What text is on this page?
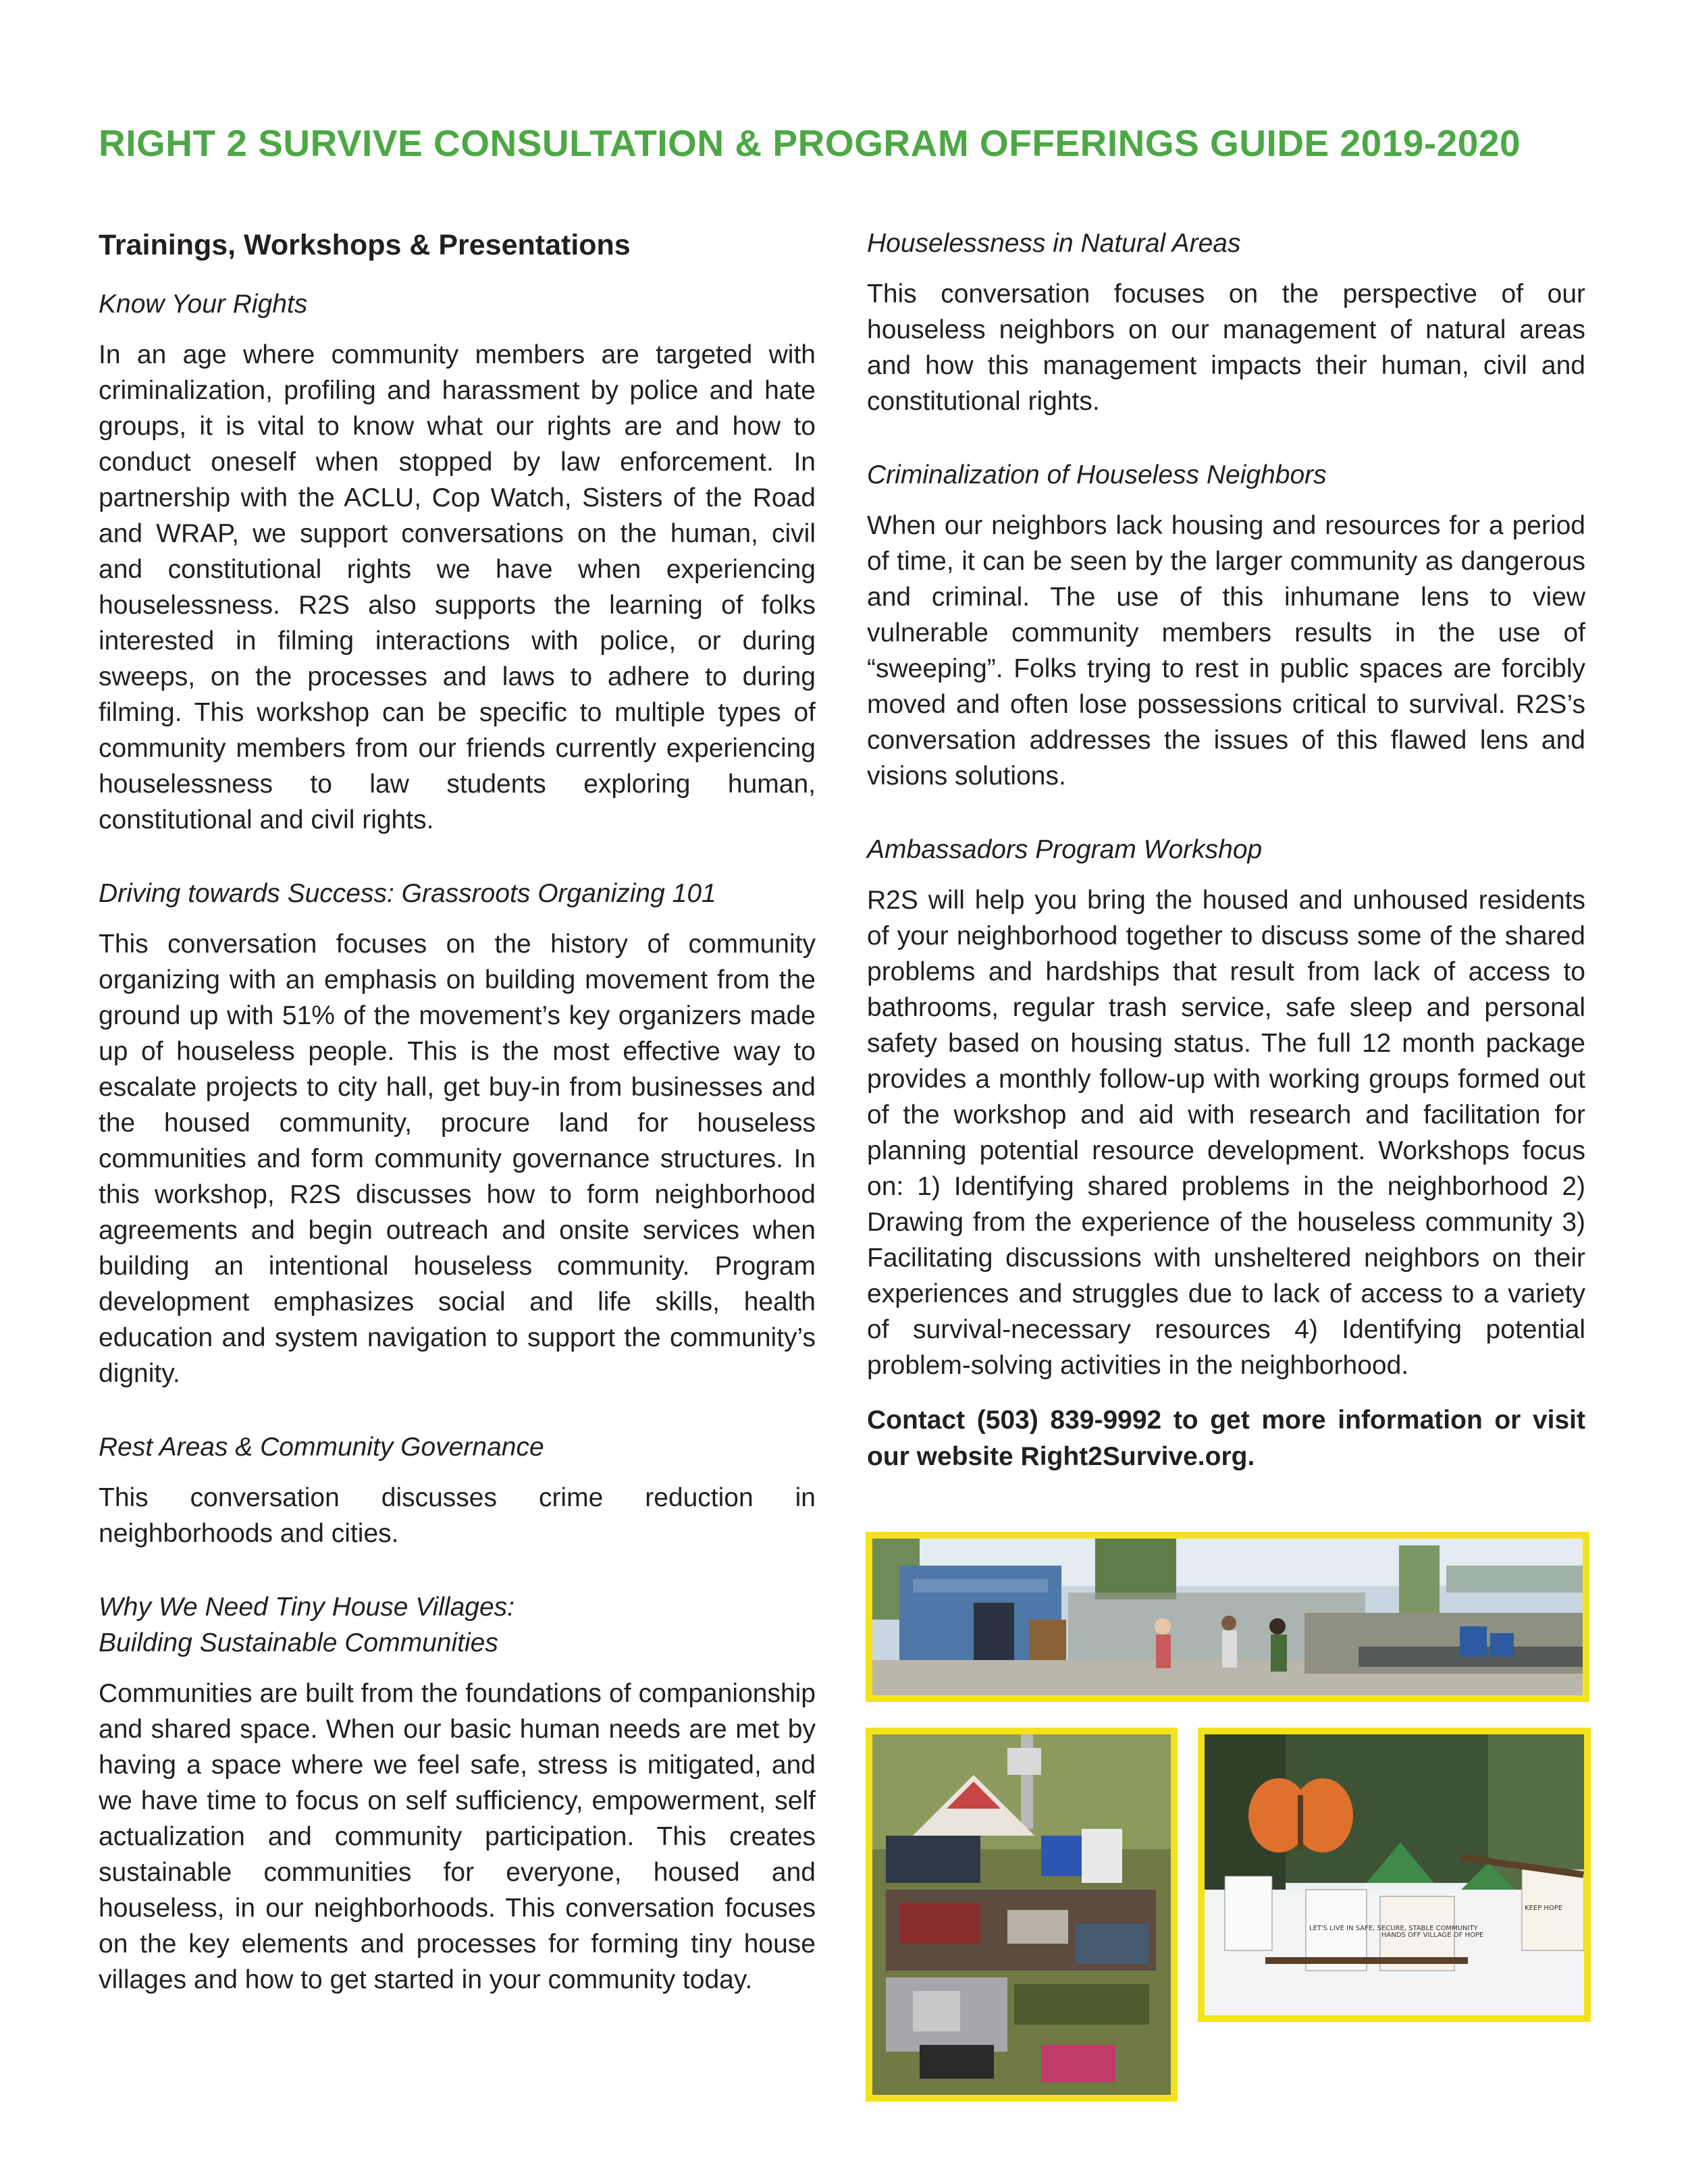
RIGHT 2 SURVIVE CONSULTATION & PROGRAM OFFERINGS GUIDE 2019-2020
Trainings, Workshops & Presentations
Know Your Rights
In an age where community members are targeted with criminalization, profiling and harassment by police and hate groups, it is vital to know what our rights are and how to conduct oneself when stopped by law enforcement. In partnership with the ACLU, Cop Watch, Sisters of the Road and WRAP, we support conversations on the human, civil and constitutional rights we have when experiencing houselessness. R2S also supports the learning of folks interested in filming interactions with police, or during sweeps, on the processes and laws to adhere to during filming. This workshop can be specific to multiple types of community members from our friends currently experiencing houselessness to law students exploring human, constitutional and civil rights.
Driving towards Success: Grassroots Organizing 101
This conversation focuses on the history of community organizing with an emphasis on building movement from the ground up with 51% of the movement’s key organizers made up of houseless people. This is the most effective way to escalate projects to city hall, get buy-in from businesses and the housed community, procure land for houseless communities and form community governance structures. In this workshop, R2S discusses how to form neighborhood agreements and begin outreach and onsite services when building an intentional houseless community. Program development emphasizes social and life skills, health education and system navigation to support the community’s dignity.
Rest Areas & Community Governance
This conversation discusses crime reduction in neighborhoods and cities.
Why We Need Tiny House Villages:
Building Sustainable Communities
Communities are built from the foundations of companionship and shared space. When our basic human needs are met by having a space where we feel safe, stress is mitigated, and we have time to focus on self sufficiency, empowerment, self actualization and community participation. This creates sustainable communities for everyone, housed and houseless, in our neighborhoods. This conversation focuses on the key elements and processes for forming tiny house villages and how to get started in your community today.
Houselessness in Natural Areas
This conversation focuses on the perspective of our houseless neighbors on our management of natural areas and how this management impacts their human, civil and constitutional rights.
Criminalization of Houseless Neighbors
When our neighbors lack housing and resources for a period of time, it can be seen by the larger community as dangerous and criminal. The use of this inhumane lens to view vulnerable community members results in the use of “sweeping”. Folks trying to rest in public spaces are forcibly moved and often lose possessions critical to survival. R2S’s conversation addresses the issues of this flawed lens and visions solutions.
Ambassadors Program Workshop
R2S will help you bring the housed and unhoused residents of your neighborhood together to discuss some of the shared problems and hardships that result from lack of access to bathrooms, regular trash service, safe sleep and personal safety based on housing status. The full 12 month package provides a monthly follow-up with working groups formed out of the workshop and aid with research and facilitation for planning potential resource development. Workshops focus on: 1) Identifying shared problems in the neighborhood 2) Drawing from the experience of the houseless community 3) Facilitating discussions with unsheltered neighbors on their experiences and struggles due to lack of access to a variety of survival-necessary resources 4) Identifying potential problem-solving activities in the neighborhood.
Contact (503) 839-9992 to get more information or visit our website Right2Survive.org.
LET'S LIVE IN SAFE, SECURE, STABLE COMMUNITY
HANDS OFF VILLAGE OF HOPE
KEEP HOPE
